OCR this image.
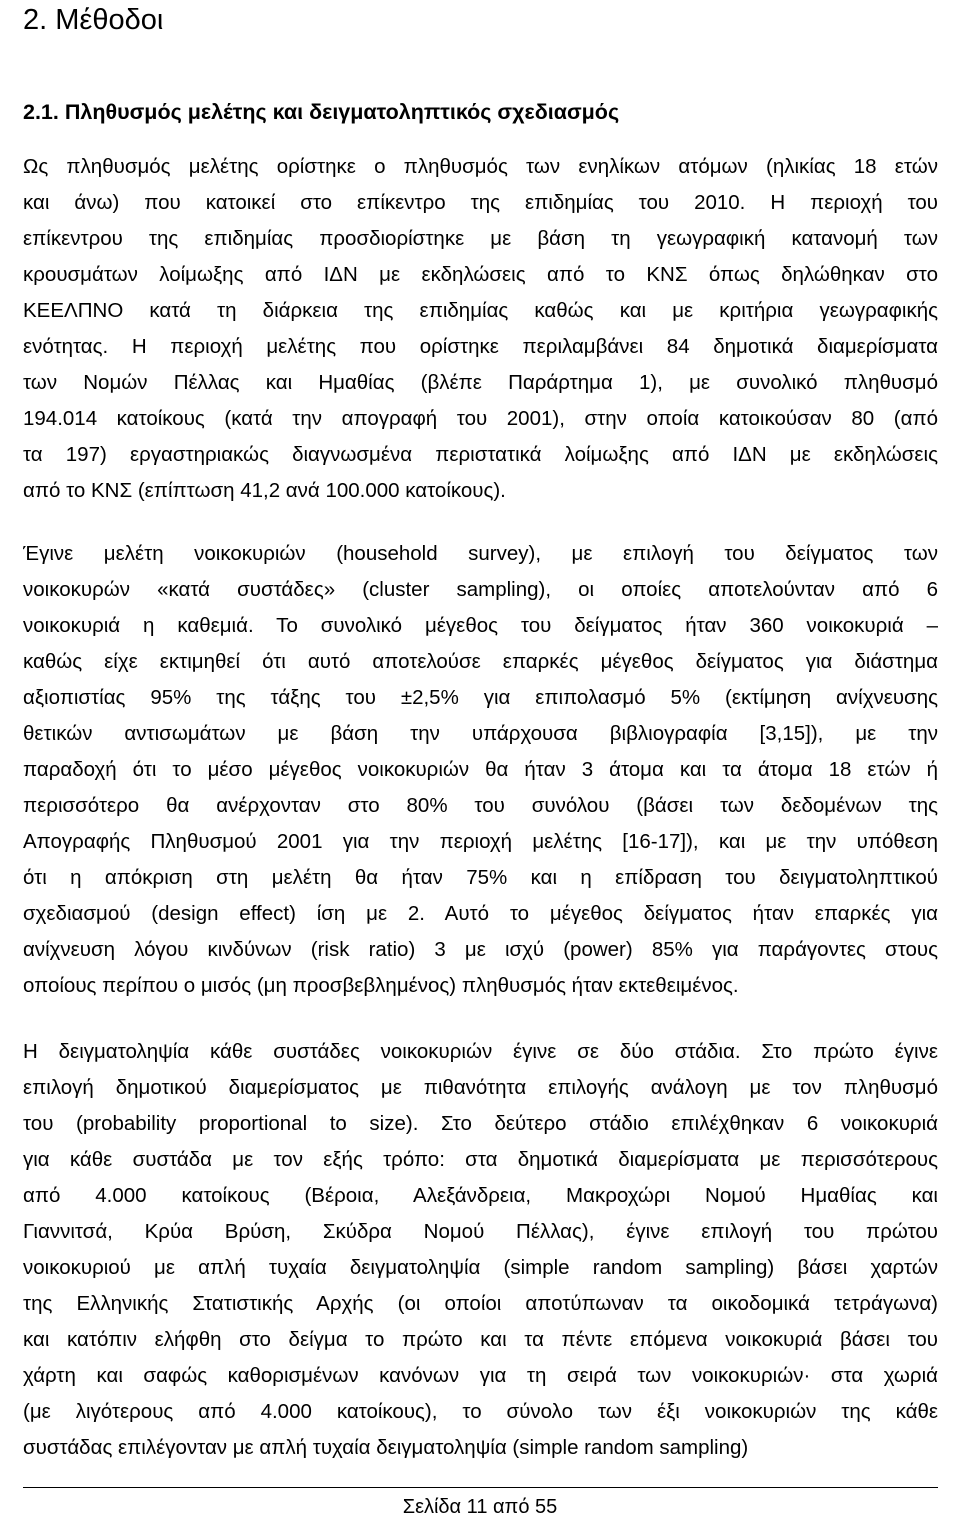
2. Μέθοδοι
2.1. Πληθυσμός μελέτης και δειγματοληπτικός σχεδιασμός
Ως πληθυσμός μελέτης ορίστηκε ο πληθυσμός των ενηλίκων ατόμων (ηλικίας 18 ετών
και άνω) που κατοικεί στο επίκεντρο της επιδημίας του 2010. Η περιοχή του
επίκεντρου της επιδημίας προσδιορίστηκε με βάση τη γεωγραφική κατανομή των
κρουσμάτων λοίμωξης από ΙΔΝ με εκδηλώσεις από το ΚΝΣ όπως δηλώθηκαν στο
ΚΕΕΛΠΝΟ κατά τη διάρκεια της επιδημίας καθώς και με κριτήρια γεωγραφικής
ενότητας. Η περιοχή μελέτης που ορίστηκε περιλαμβάνει 84 δημοτικά διαμερίσματα
των Νομών Πέλλας και Ημαθίας (βλέπε Παράρτημα 1), με συνολικό πληθυσμό
194.014 κατοίκους (κατά την απογραφή του 2001), στην οποία κατοικούσαν 80 (από
τα 197) εργαστηριακώς διαγνωσμένα περιστατικά λοίμωξης από ΙΔΝ με εκδηλώσεις
από το ΚΝΣ (επίπτωση 41,2 ανά 100.000 κατοίκους).
Έγινε μελέτη νοικοκυριών (household survey), με επιλογή του δείγματος των
νοικοκυρών «κατά συστάδες» (cluster sampling), οι οποίες αποτελούνταν από 6
νοικοκυριά η καθεμιά. Το συνολικό μέγεθος του δείγματος ήταν 360 νοικοκυριά –
καθώς είχε εκτιμηθεί ότι αυτό αποτελούσε επαρκές μέγεθος δείγματος για διάστημα
αξιοπιστίας 95% της τάξης του ±2,5% για επιπολασμό 5% (εκτίμηση ανίχνευσης
θετικών αντισωμάτων με βάση την υπάρχουσα βιβλιογραφία [3,15]), με την
παραδοχή ότι το μέσο μέγεθος νοικοκυριών θα ήταν 3 άτομα και τα άτομα 18 ετών ή
περισσότερο θα ανέρχονταν στο 80% του συνόλου (βάσει των δεδομένων της
Απογραφής Πληθυσμού 2001 για την περιοχή μελέτης [16-17]), και με την υπόθεση
ότι η απόκριση στη μελέτη θα ήταν 75% και η επίδραση του δειγματοληπτικού
σχεδιασμού (design effect) ίση με 2. Αυτό το μέγεθος δείγματος ήταν επαρκές για
ανίχνευση λόγου κινδύνων (risk ratio) 3 με ισχύ (power) 85% για παράγοντες στους
οποίους περίπου ο μισός (μη προσβεβλημένος) πληθυσμός ήταν εκτεθειμένος.
Η δειγματοληψία κάθε συστάδες νοικοκυριών έγινε σε δύο στάδια. Στο πρώτο έγινε
επιλογή δημοτικού διαμερίσματος με πιθανότητα επιλογής ανάλογη με τον πληθυσμό
του (probability proportional to size). Στο δεύτερο στάδιο επιλέχθηκαν 6 νοικοκυριά
για κάθε συστάδα με τον εξής τρόπο: στα δημοτικά διαμερίσματα με περισσότερους
από 4.000 κατοίκους (Βέροια, Αλεξάνδρεια, Μακροχώρι Νομού Ημαθίας και
Γιαννιτσά, Κρύα Βρύση, Σκύδρα Νομού Πέλλας), έγινε επιλογή του πρώτου
νοικοκυριού με απλή τυχαία δειγματοληψία (simple random sampling) βάσει χαρτών
της Ελληνικής Στατιστικής Αρχής (οι οποίοι αποτύπωναν τα οικοδομικά τετράγωνα)
και κατόπιν ελήφθη στο δείγμα το πρώτο και τα πέντε επόμενα νοικοκυριά βάσει του
χάρτη και σαφώς καθορισμένων κανόνων για τη σειρά των νοικοκυριών· στα χωριά
(με λιγότερους από 4.000 κατοίκους), το σύνολο των έξι νοικοκυριών της κάθε
συστάδας επιλέγονταν με απλή τυχαία δειγματοληψία (simple random sampling)
Σελίδα 11 από 55
